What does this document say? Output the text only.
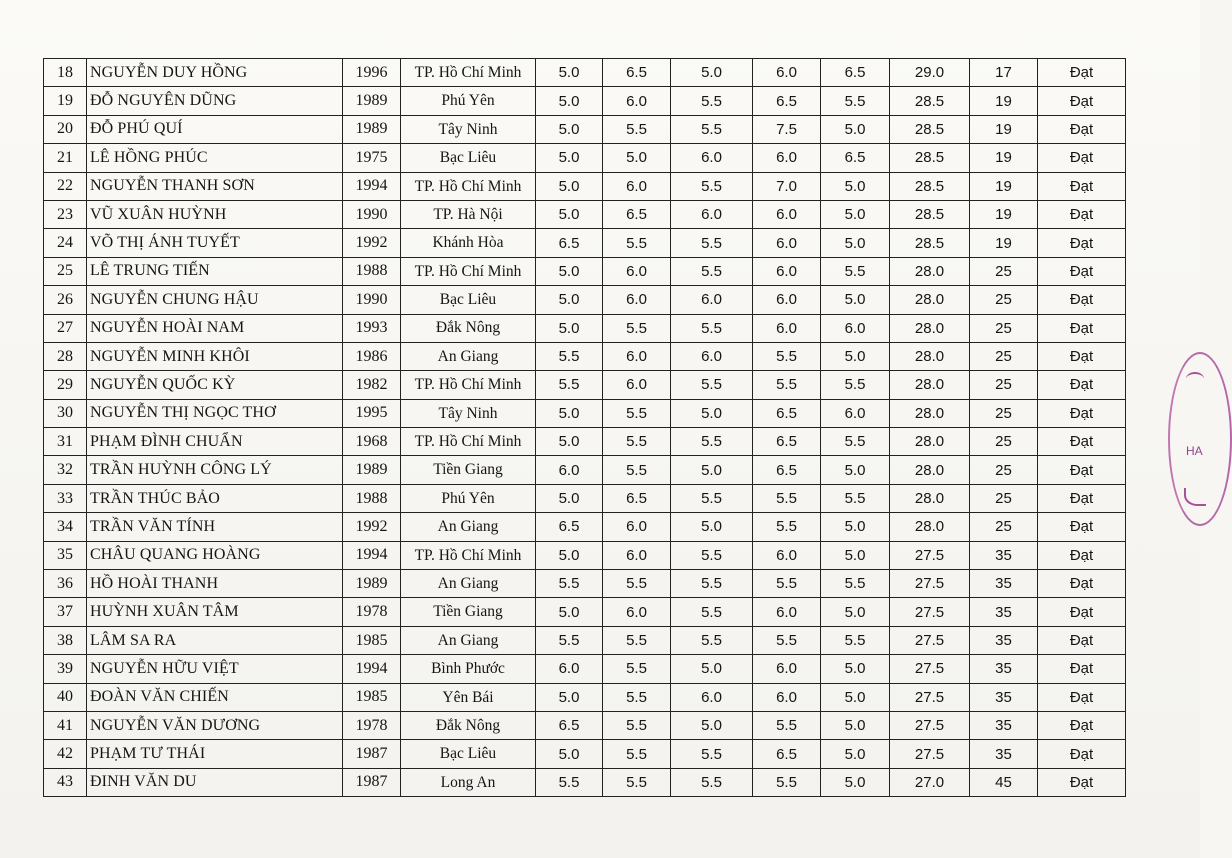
18	NGUYỄN DUY HỒNG	1996	TP. Hồ Chí Minh	5.0	6.5	5.0	6.0	6.5	29.0	17	Đạt
19	ĐỖ NGUYÊN DŨNG	1989	Phú Yên	5.0	6.0	5.5	6.5	5.5	28.5	19	Đạt
20	ĐỖ PHÚ QUÍ	1989	Tây Ninh	5.0	5.5	5.5	7.5	5.0	28.5	19	Đạt
21	LÊ HỒNG PHÚC	1975	Bạc Liêu	5.0	5.0	6.0	6.0	6.5	28.5	19	Đạt
22	NGUYỄN THANH SƠN	1994	TP. Hồ Chí Minh	5.0	6.0	5.5	7.0	5.0	28.5	19	Đạt
23	VŨ XUÂN HUỲNH	1990	TP. Hà Nội	5.0	6.5	6.0	6.0	5.0	28.5	19	Đạt
24	VÕ THỊ ÁNH TUYẾT	1992	Khánh Hòa	6.5	5.5	5.5	6.0	5.0	28.5	19	Đạt
25	LÊ TRUNG TIẾN	1988	TP. Hồ Chí Minh	5.0	6.0	5.5	6.0	5.5	28.0	25	Đạt
26	NGUYỄN CHUNG HẬU	1990	Bạc Liêu	5.0	6.0	6.0	6.0	5.0	28.0	25	Đạt
27	NGUYỄN HOÀI NAM	1993	Đắk Nông	5.0	5.5	5.5	6.0	6.0	28.0	25	Đạt
28	NGUYỄN MINH KHÔI	1986	An Giang	5.5	6.0	6.0	5.5	5.0	28.0	25	Đạt
29	NGUYỄN QUỐC KỲ	1982	TP. Hồ Chí Minh	5.5	6.0	5.5	5.5	5.5	28.0	25	Đạt
30	NGUYỄN THỊ NGỌC THƠ	1995	Tây Ninh	5.0	5.5	5.0	6.5	6.0	28.0	25	Đạt
31	PHẠM ĐÌNH CHUẨN	1968	TP. Hồ Chí Minh	5.0	5.5	5.5	6.5	5.5	28.0	25	Đạt
32	TRẦN HUỲNH CÔNG LÝ	1989	Tiền Giang	6.0	5.5	5.0	6.5	5.0	28.0	25	Đạt
33	TRẦN THÚC BẢO	1988	Phú Yên	5.0	6.5	5.5	5.5	5.5	28.0	25	Đạt
34	TRẦN VĂN TÍNH	1992	An Giang	6.5	6.0	5.0	5.5	5.0	28.0	25	Đạt
35	CHÂU QUANG HOÀNG	1994	TP. Hồ Chí Minh	5.0	6.0	5.5	6.0	5.0	27.5	35	Đạt
36	HỒ HOÀI THANH	1989	An Giang	5.5	5.5	5.5	5.5	5.5	27.5	35	Đạt
37	HUỲNH XUÂN TÂM	1978	Tiền Giang	5.0	6.0	5.5	6.0	5.0	27.5	35	Đạt
38	LÂM SA RA	1985	An Giang	5.5	5.5	5.5	5.5	5.5	27.5	35	Đạt
39	NGUYỄN HỮU VIỆT	1994	Bình Phước	6.0	5.5	5.0	6.0	5.0	27.5	35	Đạt
40	ĐOÀN VĂN CHIẾN	1985	Yên Bái	5.0	5.5	6.0	6.0	5.0	27.5	35	Đạt
41	NGUYỄN VĂN DƯƠNG	1978	Đắk Nông	6.5	5.5	5.0	5.5	5.0	27.5	35	Đạt
42	PHẠM TƯ THÁI	1987	Bạc Liêu	5.0	5.5	5.5	6.5	5.0	27.5	35	Đạt
43	ĐINH VĂN DU	1987	Long An	5.5	5.5	5.5	5.5	5.0	27.0	45	Đạt
HA
